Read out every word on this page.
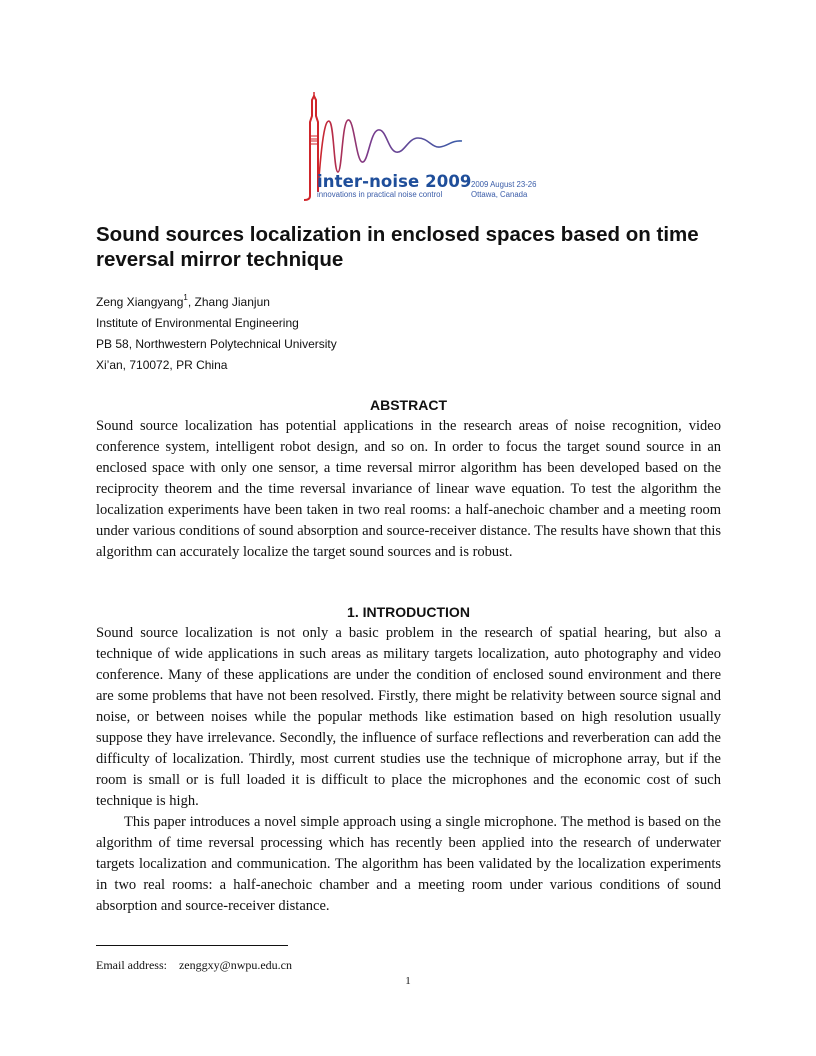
inter-noise 2009
innovations in practical noise control
2009 August 23-26
Ottawa, Canada
Sound sources localization in enclosed spaces based on time reversal mirror technique
Zeng Xiangyang$^1$, Zhang Jianjun
Institute of Environmental Engineering
PB 58, Northwestern Polytechnical University
Xi’an, 710072, PR China
ABSTRACT

Sound source localization has potential applications in the research areas of noise recognition, video conference system, intelligent robot design, and so on. In order to focus the target sound source in an enclosed space with only one sensor, a time reversal mirror algorithm has been developed based on the reciprocity theorem and the time reversal invariance of linear wave equation. To test the algorithm the localization experiments have been taken in two real rooms: a half-anechoic chamber and a meeting room under various conditions of sound absorption and source-receiver distance. The results have shown that this algorithm can accurately localize the target sound sources and is robust.

1. INTRODUCTION

Sound source localization is not only a basic problem in the research of spatial hearing, but also a technique of wide applications in such areas as military targets localization, auto photography and video conference. Many of these applications are under the condition of enclosed sound environment and there are some problems that have not been resolved. Firstly, there might be relativity between source signal and noise, or between noises while the popular methods like estimation based on high resolution usually suppose they have irrelevance. Secondly, the influence of surface reflections and reverberation can add the difficulty of localization. Thirdly, most current studies use the technique of microphone array, but if the room is small or is full loaded it is difficult to place the microphones and the economic cost of such technique is high.

This paper introduces a novel simple approach using a single microphone. The method is based on the algorithm of time reversal processing which has recently been applied into the research of underwater targets localization and communication. The algorithm has been validated by the localization experiments in two real rooms: a half-anechoic chamber and a meeting room under various conditions of sound absorption and source-receiver distance.

Email address: zenggxy@nwpu.edu.cn
1
